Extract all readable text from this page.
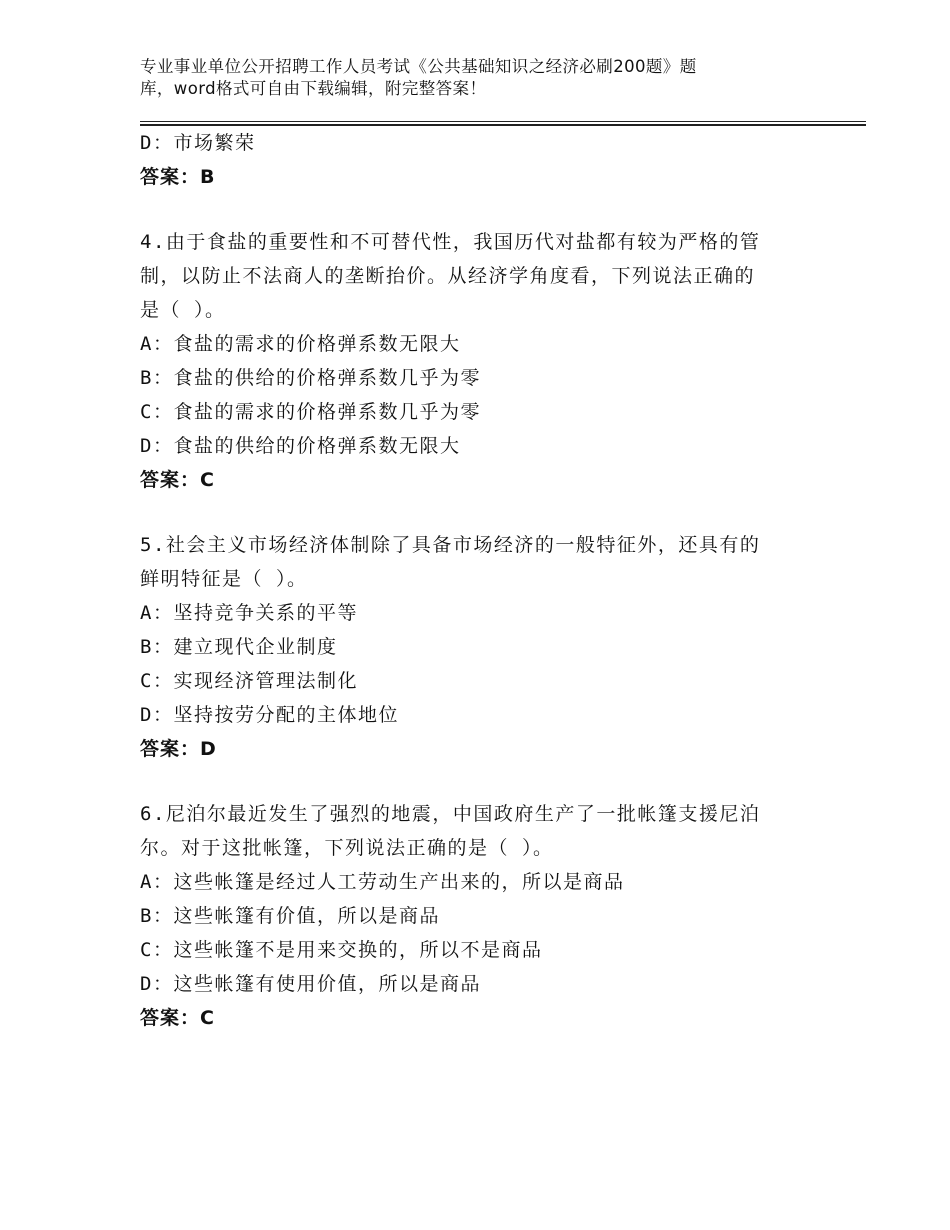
专业事业单位公开招聘工作人员考试《公共基础知识之经济必刷200题》题
库，word格式可自由下载编辑，附完整答案！
D：市场繁荣
答案：B
4.由于食盐的重要性和不可替代性，我国历代对盐都有较为严格的管
制，以防止不法商人的垄断抬价。从经济学角度看，下列说法正确的
是（ ）。
A：食盐的需求的价格弹系数无限大
B：食盐的供给的价格弹系数几乎为零
C：食盐的需求的价格弹系数几乎为零
D：食盐的供给的价格弹系数无限大
答案：C
5.社会主义市场经济体制除了具备市场经济的一般特征外，还具有的
鲜明特征是（ ）。
A：坚持竞争关系的平等
B：建立现代企业制度
C：实现经济管理法制化
D：坚持按劳分配的主体地位
答案：D
6.尼泊尔最近发生了强烈的地震，中国政府生产了一批帐篷支援尼泊
尔。对于这批帐篷，下列说法正确的是（ ）。
A：这些帐篷是经过人工劳动生产出来的，所以是商品
B：这些帐篷有价值，所以是商品
C：这些帐篷不是用来交换的，所以不是商品
D：这些帐篷有使用价值，所以是商品
答案：C
